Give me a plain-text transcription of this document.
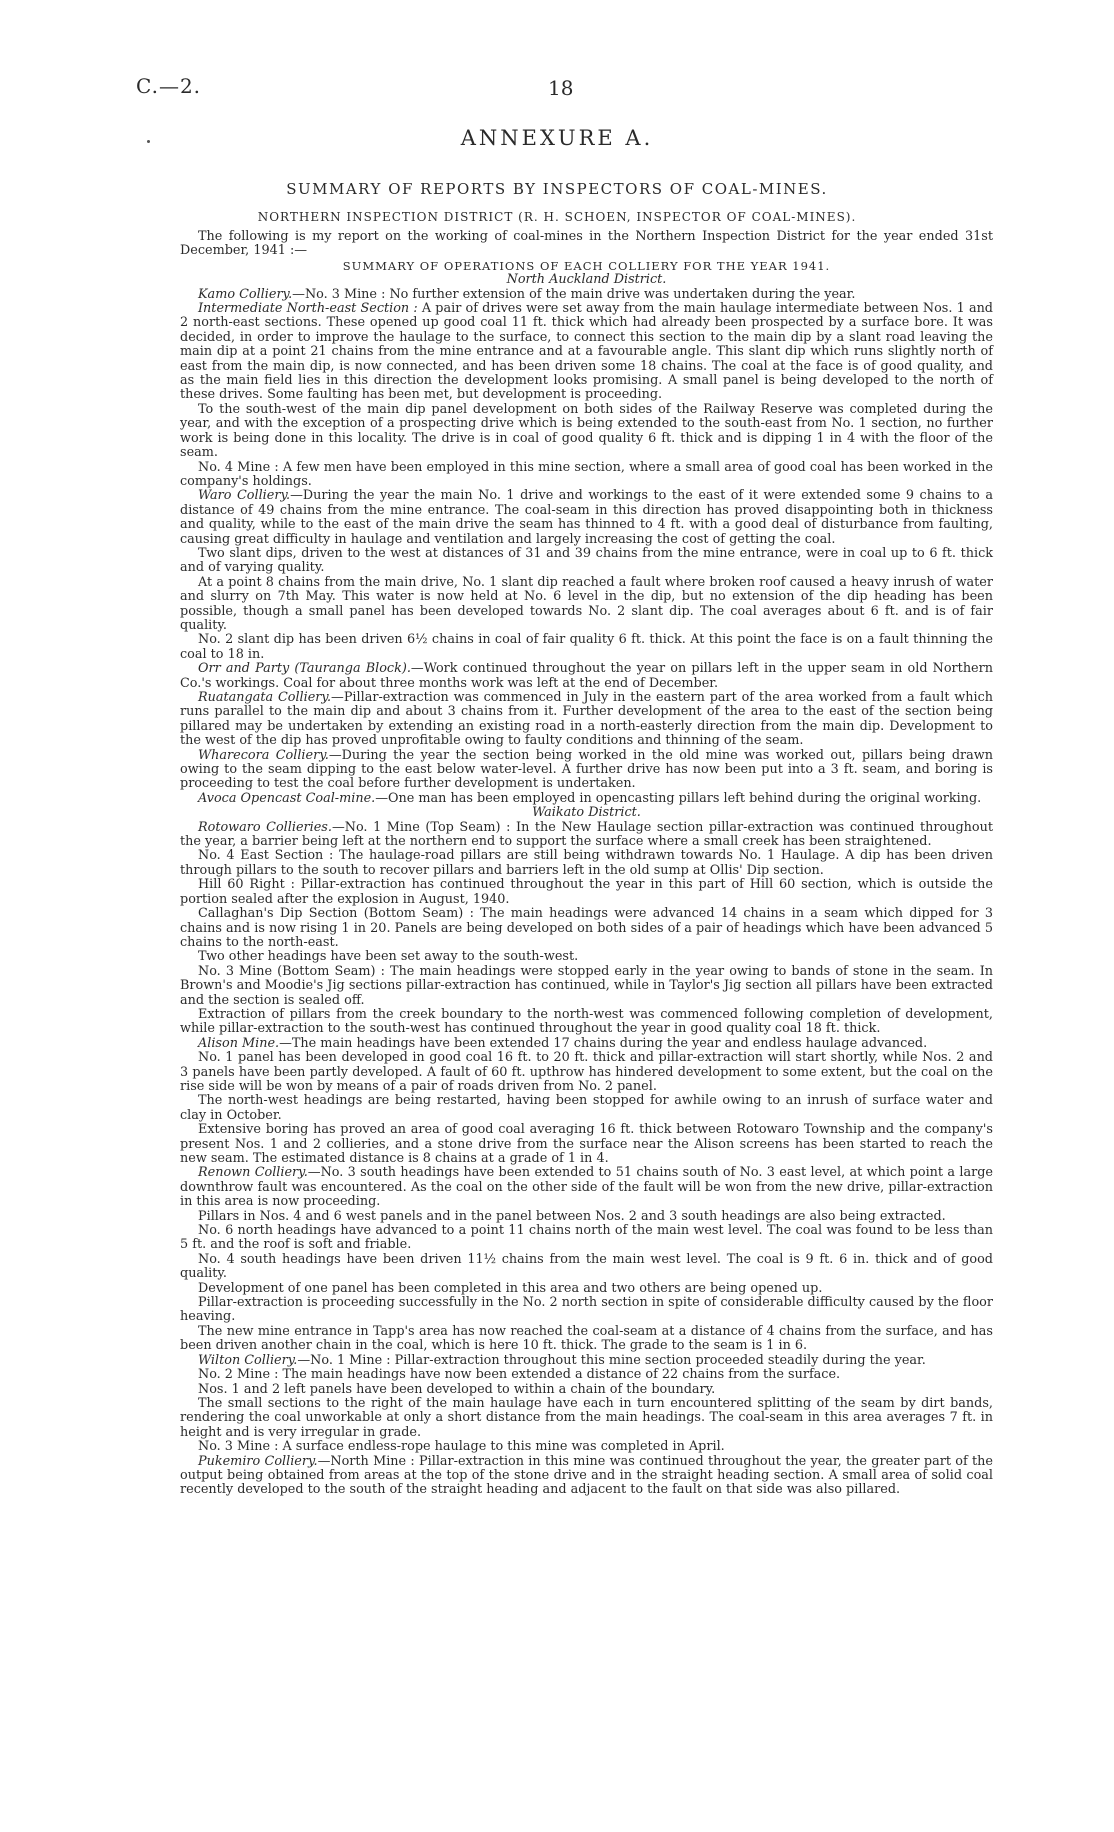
C.—2.	18
ANNEXURE A.
SUMMARY OF REPORTS BY INSPECTORS OF COAL-MINES.
NORTHERN INSPECTION DISTRICT (R. H. SCHOEN, INSPECTOR OF COAL-MINES).

The following is my report on the working of coal-mines in the Northern Inspection District for the year ended 31st December, 1941 :—

SUMMARY OF OPERATIONS OF EACH COLLIERY FOR THE YEAR 1941.

North Auckland District.

Kamo Colliery.—No. 3 Mine : No further extension of the main drive was undertaken during the year.

Intermediate North-east Section : A pair of drives were set away from the main haulage intermediate between Nos. 1 and 2 north-east sections. These opened up good coal 11 ft. thick which had already been prospected by a surface bore. It was decided, in order to improve the haulage to the surface, to connect this section to the main dip by a slant road leaving the main dip at a point 21 chains from the mine entrance and at a favourable angle. This slant dip which runs slightly north of east from the main dip, is now connected, and has been driven some 18 chains. The coal at the face is of good quality, and as the main field lies in this direction the development looks promising. A small panel is being developed to the north of these drives. Some faulting has been met, but development is proceeding.

To the south-west of the main dip panel development on both sides of the Railway Reserve was completed during the year, and with the exception of a prospecting drive which is being extended to the south-east from No. 1 section, no further work is being done in this locality. The drive is in coal of good quality 6 ft. thick and is dipping 1 in 4 with the floor of the seam.

No. 4 Mine : A few men have been employed in this mine section, where a small area of good coal has been worked in the company's holdings.

Waro Colliery.—During the year the main No. 1 drive and workings to the east of it were extended some 9 chains to a distance of 49 chains from the mine entrance. The coal-seam in this direction has proved disappointing both in thickness and quality, while to the east of the main drive the seam has thinned to 4 ft. with a good deal of disturbance from faulting, causing great difficulty in haulage and ventilation and largely increasing the cost of getting the coal.

Two slant dips, driven to the west at distances of 31 and 39 chains from the mine entrance, were in coal up to 6 ft. thick and of varying quality.

At a point 8 chains from the main drive, No. 1 slant dip reached a fault where broken roof caused a heavy inrush of water and slurry on 7th May. This water is now held at No. 6 level in the dip, but no extension of the dip heading has been possible, though a small panel has been developed towards No. 2 slant dip. The coal averages about 6 ft. and is of fair quality.

No. 2 slant dip has been driven 6½ chains in coal of fair quality 6 ft. thick. At this point the face is on a fault thinning the coal to 18 in.

Orr and Party (Tauranga Block).—Work continued throughout the year on pillars left in the upper seam in old Northern Co.'s workings. Coal for about three months work was left at the end of December.

Ruatangata Colliery.—Pillar-extraction was commenced in July in the eastern part of the area worked from a fault which runs parallel to the main dip and about 3 chains from it. Further development of the area to the east of the section being pillared may be undertaken by extending an existing road in a north-easterly direction from the main dip. Development to the west of the dip has proved unprofitable owing to faulty conditions and thinning of the seam.

Wharecora Colliery.—During the year the section being worked in the old mine was worked out, pillars being drawn owing to the seam dipping to the east below water-level. A further drive has now been put into a 3 ft. seam, and boring is proceeding to test the coal before further development is undertaken.

Avoca Opencast Coal-mine.—One man has been employed in opencasting pillars left behind during the original working.

Waikato District.

Rotowaro Collieries.—No. 1 Mine (Top Seam) : In the New Haulage section pillar-extraction was continued throughout the year, a barrier being left at the northern end to support the surface where a small creek has been straightened.

No. 4 East Section : The haulage-road pillars are still being withdrawn towards No. 1 Haulage. A dip has been driven through pillars to the south to recover pillars and barriers left in the old sump at Ollis' Dip section.

Hill 60 Right : Pillar-extraction has continued throughout the year in this part of Hill 60 section, which is outside the portion sealed after the explosion in August, 1940.

Callaghan's Dip Section (Bottom Seam) : The main headings were advanced 14 chains in a seam which dipped for 3 chains and is now rising 1 in 20. Panels are being developed on both sides of a pair of headings which have been advanced 5 chains to the north-east.

Two other headings have been set away to the south-west.

No. 3 Mine (Bottom Seam) : The main headings were stopped early in the year owing to bands of stone in the seam. In Brown's and Moodie's Jig sections pillar-extraction has continued, while in Taylor's Jig section all pillars have been extracted and the section is sealed off.

Extraction of pillars from the creek boundary to the north-west was commenced following completion of development, while pillar-extraction to the south-west has continued throughout the year in good quality coal 18 ft. thick.

Alison Mine.—The main headings have been extended 17 chains during the year and endless haulage advanced.

No. 1 panel has been developed in good coal 16 ft. to 20 ft. thick and pillar-extraction will start shortly, while Nos. 2 and 3 panels have been partly developed. A fault of 60 ft. upthrow has hindered development to some extent, but the coal on the rise side will be won by means of a pair of roads driven from No. 2 panel.

The north-west headings are being restarted, having been stopped for awhile owing to an inrush of surface water and clay in October.

Extensive boring has proved an area of good coal averaging 16 ft. thick between Rotowaro Township and the company's present Nos. 1 and 2 collieries, and a stone drive from the surface near the Alison screens has been started to reach the new seam. The estimated distance is 8 chains at a grade of 1 in 4.

Renown Colliery.—No. 3 south headings have been extended to 51 chains south of No. 3 east level, at which point a large downthrow fault was encountered. As the coal on the other side of the fault will be won from the new drive, pillar-extraction in this area is now proceeding.

Pillars in Nos. 4 and 6 west panels and in the panel between Nos. 2 and 3 south headings are also being extracted.

No. 6 north headings have advanced to a point 11 chains north of the main west level. The coal was found to be less than 5 ft. and the roof is soft and friable.

No. 4 south headings have been driven 11½ chains from the main west level. The coal is 9 ft. 6 in. thick and of good quality.

Development of one panel has been completed in this area and two others are being opened up.

Pillar-extraction is proceeding successfully in the No. 2 north section in spite of considerable difficulty caused by the floor heaving.

The new mine entrance in Tapp's area has now reached the coal-seam at a distance of 4 chains from the surface, and has been driven another chain in the coal, which is here 10 ft. thick. The grade to the seam is 1 in 6.

Wilton Colliery.—No. 1 Mine : Pillar-extraction throughout this mine section proceeded steadily during the year.

No. 2 Mine : The main headings have now been extended a distance of 22 chains from the surface.

Nos. 1 and 2 left panels have been developed to within a chain of the boundary.

The small sections to the right of the main haulage have each in turn encountered splitting of the seam by dirt bands, rendering the coal unworkable at only a short distance from the main headings. The coal-seam in this area averages 7 ft. in height and is very irregular in grade.

No. 3 Mine : A surface endless-rope haulage to this mine was completed in April.

Pukemiro Colliery.—North Mine : Pillar-extraction in this mine was continued throughout the year, the greater part of the output being obtained from areas at the top of the stone drive and in the straight heading section. A small area of solid coal recently developed to the south of the straight heading and adjacent to the fault on that side was also pillared.
